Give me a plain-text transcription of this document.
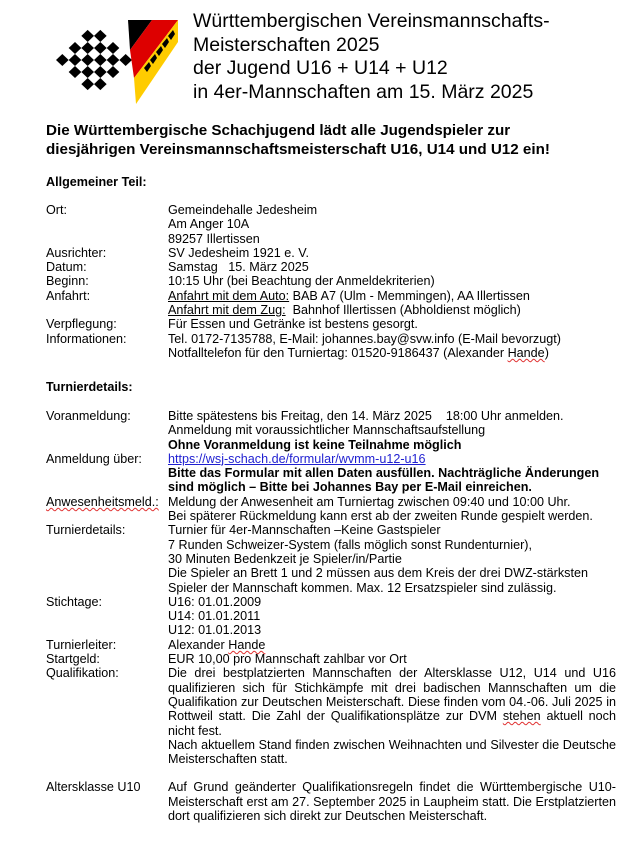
Württembergischen Vereinsmannschafts-
Meisterschaften 2025
der Jugend U16 + U14 + U12
in 4er-Mannschaften am 15. März 2025
Die Württembergische Schachjugend lädt alle Jugendspieler zur
diesjährigen Vereinsmannschaftsmeisterschaft U16, U14 und U12 ein!
Allgemeiner Teil:
Ort:	Gemeindehalle Jedesheim
Am Anger 10A
89257 Illertissen
Ausrichter:	SV Jedesheim 1921 e. V.
Datum:	Samstag   15. März 2025
Beginn:	10:15 Uhr (bei Beachtung der Anmeldekriterien)
Anfahrt:	Anfahrt mit dem Auto: BAB A7 (Ulm - Memmingen), AA Illertissen
Anfahrt mit dem Zug:  Bahnhof Illertissen (Abholdienst möglich)
Verpflegung:	Für Essen und Getränke ist bestens gesorgt.
Informationen:	Tel. 0172-7135788, E-Mail: johannes.bay@svw.info (E-Mail bevorzugt)
Notfalltelefon für den Turniertag: 01520-9186437 (Alexander Hande)
Turnierdetails:
Voranmeldung:	Bitte spätestens bis Freitag, den 14. März 2025    18:00 Uhr anmelden.
Anmeldung mit voraussichtlicher Mannschaftsaufstellung
Ohne Voranmeldung ist keine Teilnahme möglich
Anmeldung über:	https://wsj-schach.de/formular/wvmm-u12-u16
Bitte das Formular mit allen Daten ausfüllen. Nachträgliche Änderungen
sind möglich – Bitte bei Johannes Bay per E-Mail einreichen.
Anwesenheitsmeld.: Meldung der Anwesenheit am Turniertag zwischen 09:40 und 10:00 Uhr.
Bei späterer Rückmeldung kann erst ab der zweiten Runde gespielt werden.
Turnierdetails:	Turnier für 4er-Mannschaften –Keine Gastspieler
7 Runden Schweizer-System (falls möglich sonst Rundenturnier),
30 Minuten Bedenkzeit je Spieler/in/Partie
Die Spieler an Brett 1 und 2 müssen aus dem Kreis der drei DWZ-stärksten
Spieler der Mannschaft kommen. Max. 12 Ersatzspieler sind zulässig.
Stichtage:	U16: 01.01.2009
U14: 01.01.2011
U12: 01.01.2013
Turnierleiter:	Alexander Hande
Startgeld:	EUR 10,00 pro Mannschaft zahlbar vor Ort
Qualifikation:	Die drei bestplatzierten Mannschaften der Altersklasse U12, U14 und U16 qualifizieren sich für Stichkämpfe mit drei badischen Mannschaften um die Qualifikation zur Deutschen Meisterschaft. Diese finden vom 04.-06. Juli 2025 in Rottweil statt. Die Zahl der Qualifikationsplätze zur DVM stehen aktuell noch nicht fest.
Nach aktuellem Stand finden zwischen Weihnachten und Silvester die Deutsche Meisterschaften statt.
Altersklasse U10	Auf Grund geänderter Qualifikationsregeln findet die Württembergische U10-Meisterschaft erst am 27. September 2025 in Laupheim statt. Die Erstplatzierten dort qualifizieren sich direkt zur Deutschen Meisterschaft.
